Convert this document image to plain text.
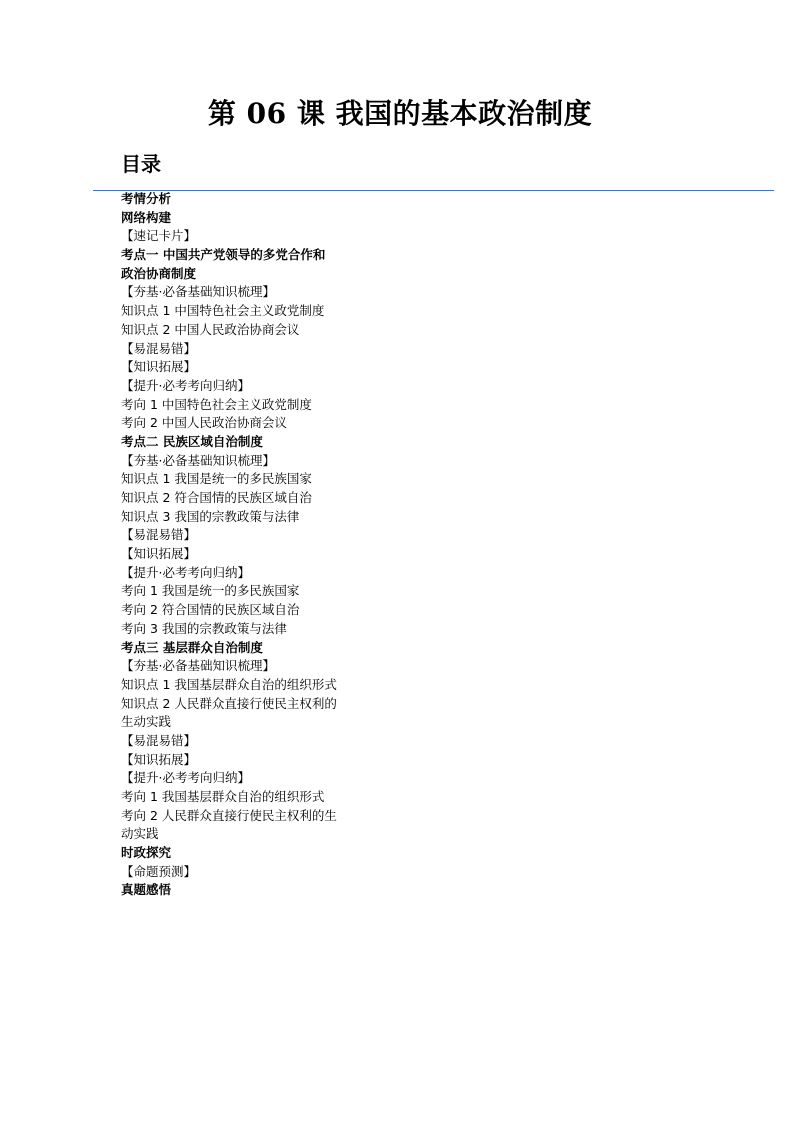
第 06 课 我国的基本政治制度
目录
考情分析
网络构建
【速记卡片】
考点一 中国共产党领导的多党合作和
政治协商制度
【夯基·必备基础知识梳理】
知识点 1 中国特色社会主义政党制度
知识点 2 中国人民政治协商会议
【易混易错】
【知识拓展】
【提升·必考考向归纳】
考向 1 中国特色社会主义政党制度
考向 2 中国人民政治协商会议
考点二 民族区域自治制度
【夯基·必备基础知识梳理】
知识点 1 我国是统一的多民族国家
知识点 2 符合国情的民族区域自治
知识点 3 我国的宗教政策与法律
【易混易错】
【知识拓展】
【提升·必考考向归纳】
考向 1 我国是统一的多民族国家
考向 2 符合国情的民族区域自治
考向 3 我国的宗教政策与法律
考点三 基层群众自治制度
【夯基·必备基础知识梳理】
知识点 1 我国基层群众自治的组织形式
知识点 2 人民群众直接行使民主权利的
生动实践
【易混易错】
【知识拓展】
【提升·必考考向归纳】
考向 1 我国基层群众自治的组织形式
考向 2 人民群众直接行使民主权利的生
动实践
时政探究
【命题预测】
真题感悟
